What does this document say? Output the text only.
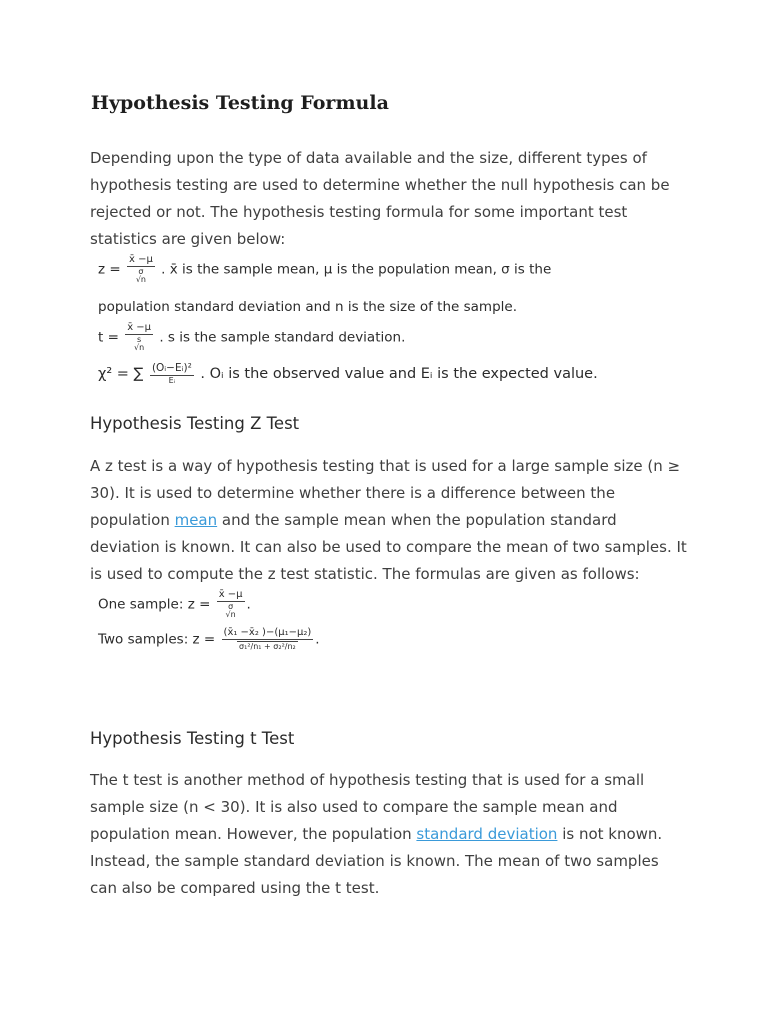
Hypothesis Testing Formula

Depending upon the type of data available and the size, different types of hypothesis testing are used to determine whether the null hypothesis can be rejected or not. The hypothesis testing formula for some important test statistics are given below:

z =
x̄ −μ
σ
√n
. x̄ is the sample mean, μ is the population mean, σ is the
population standard deviation and n is the size of the sample.
t =
x̄ −μ
s
√n
. s is the sample standard deviation.
χ² = ∑ $\frac{\text{(Oᵢ−Eᵢ)²}}{\text{Eᵢ}}$ . Oᵢ is the observed value and Eᵢ is the expected value.
Hypothesis Testing Z Test

A z test is a way of hypothesis testing that is used for a large sample size (n ≥ 30). It is used to determine whether there is a difference between the population mean and the sample mean when the population standard deviation is known. It can also be used to compare the mean of two samples. It is used to compute the z test statistic. The formulas are given as follows:

One sample: z =
x̄ −μ
σ
√n
.
Two samples: $z = \frac{\text{(x̄₁ −x̄₂ )−(μ₁−μ₂)}}{\text{σ₁²/n₁ + σ₂²/n₂}}$ .
Hypothesis Testing t Test

The t test is another method of hypothesis testing that is used for a small sample size (n < 30). It is also used to compare the sample mean and population mean. However, the population standard deviation is not known. Instead, the sample standard deviation is known. The mean of two samples can also be compared using the t test.
